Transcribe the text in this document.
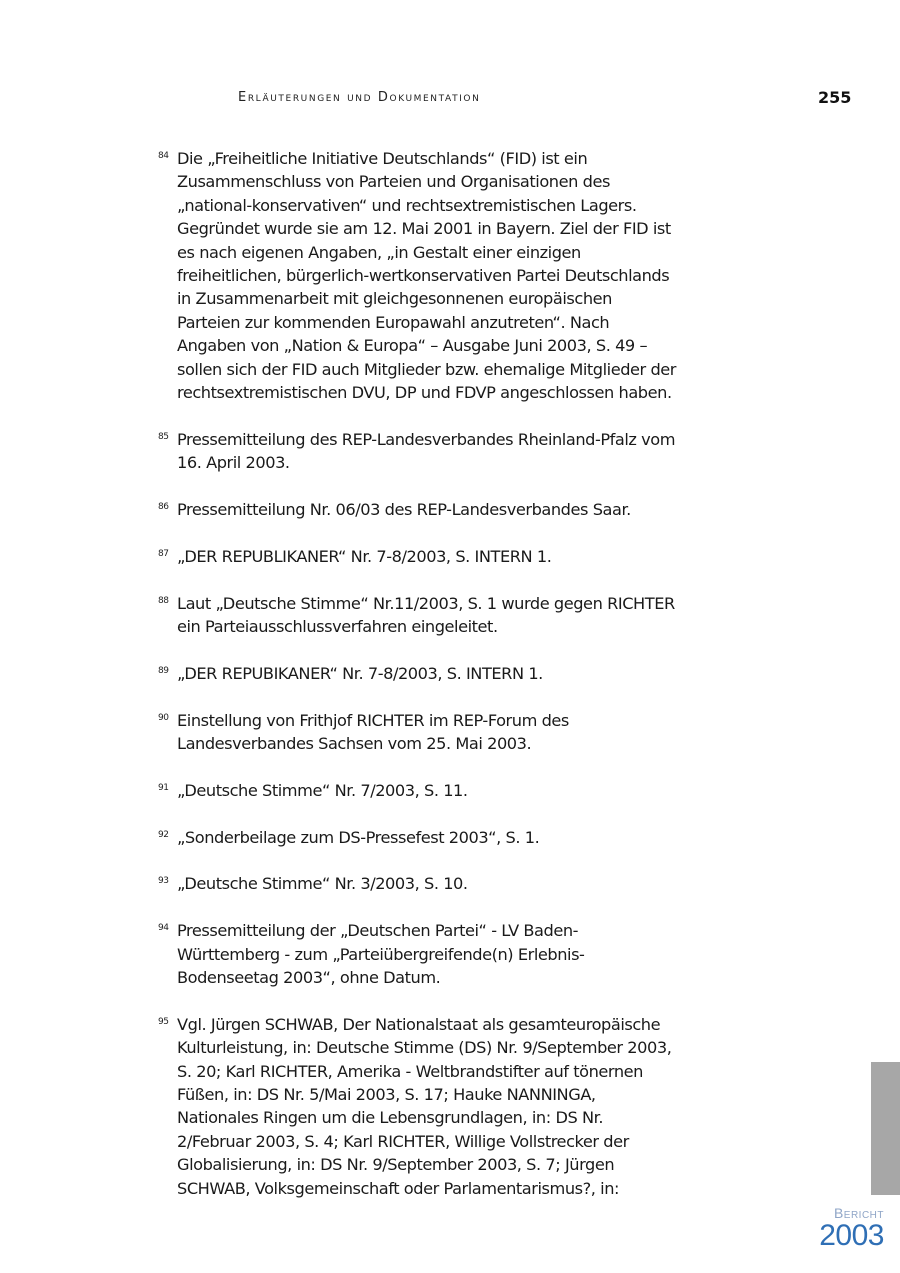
Erläuterungen und Dokumentation	255
84 Die „Freiheitliche Initiative Deutschlands“ (FID) ist ein Zusammenschluss von Parteien und Organisationen des „national-konservativen“ und rechtsextremistischen Lagers. Gegründet wurde sie am 12. Mai 2001 in Bayern. Ziel der FID ist es nach eigenen Angaben, „in Gestalt einer einzigen freiheitlichen, bürgerlich-wertkonservativen Partei Deutschlands in Zusammenarbeit mit gleichgesonnenen europäischen Parteien zur kommenden Europawahl anzutreten“. Nach Angaben von „Nation & Europa“ – Ausgabe Juni 2003, S. 49 – sollen sich der FID auch Mitglieder bzw. ehemalige Mitglieder der rechtsextremistischen DVU, DP und FDVP angeschlossen haben.
85 Pressemitteilung des REP-Landesverbandes Rheinland-Pfalz vom 16. April 2003.
86 Pressemitteilung Nr. 06/03 des REP-Landesverbandes Saar.
87 „DER REPUBLIKANER“ Nr. 7-8/2003, S. INTERN 1.
88 Laut „Deutsche Stimme“ Nr.11/2003, S. 1 wurde gegen RICHTER ein Parteiausschlussverfahren eingeleitet.
89 „DER REPUBIKANER“ Nr. 7-8/2003, S. INTERN 1.
90 Einstellung von Frithjof RICHTER im REP-Forum des Landesverbandes Sachsen vom 25. Mai 2003.
91 „Deutsche Stimme“ Nr. 7/2003, S. 11.
92 „Sonderbeilage zum DS-Pressefest 2003“, S. 1.
93 „Deutsche Stimme“ Nr. 3/2003, S. 10.
94 Pressemitteilung der „Deutschen Partei“ - LV Baden-Württemberg - zum „Parteiübergreifende(n) Erlebnis-Bodenseetag 2003“, ohne Datum.
95 Vgl. Jürgen SCHWAB, Der Nationalstaat als gesamteuropäische Kulturleistung, in: Deutsche Stimme (DS) Nr. 9/September 2003, S. 20; Karl RICHTER, Amerika - Weltbrandstifter auf tönernen Füßen, in: DS Nr. 5/Mai 2003, S. 17; Hauke NANNINGA, Nationales Ringen um die Lebensgrundlagen, in: DS Nr. 2/Februar 2003, S. 4; Karl RICHTER, Willige Vollstrecker der Globalisierung, in: DS Nr. 9/September 2003, S. 7; Jürgen SCHWAB, Volksgemeinschaft oder Parlamentarismus?, in:
Bericht
2003
